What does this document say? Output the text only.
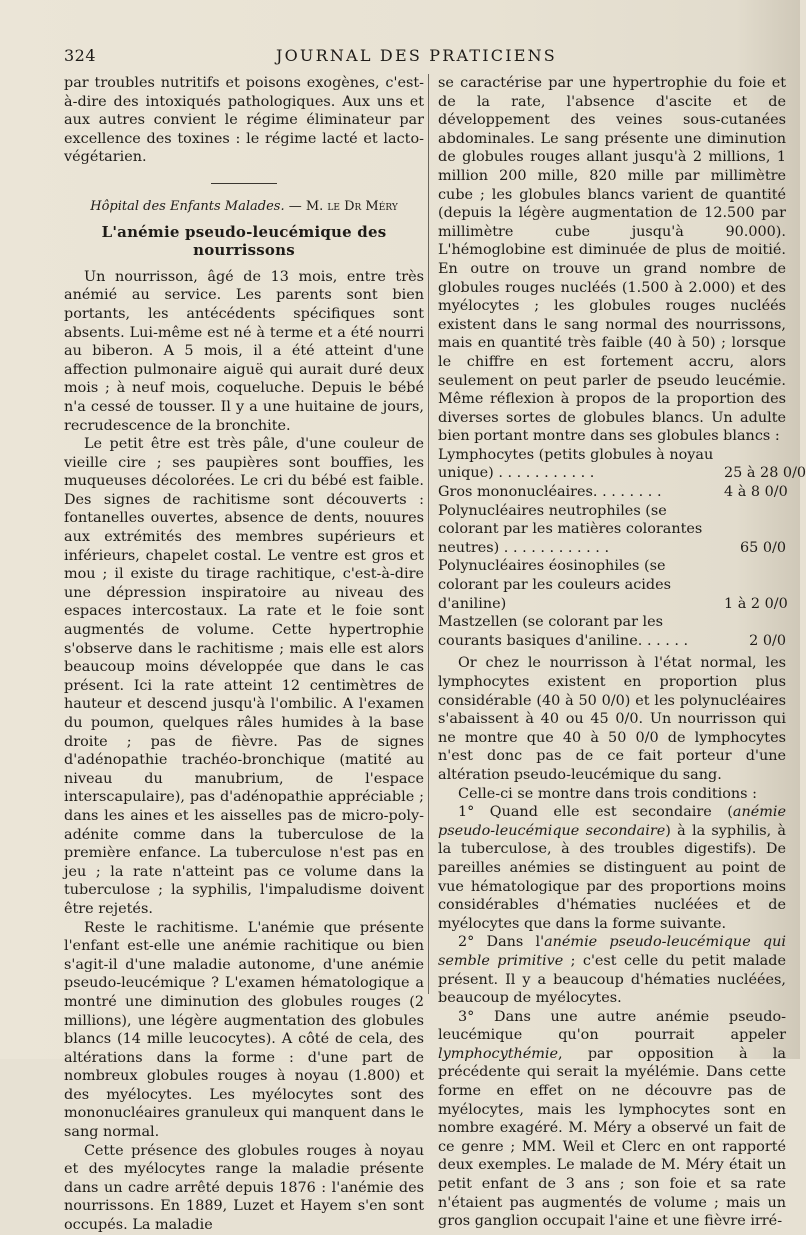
324	JOURNAL DES PRATICIENS

par troubles nutritifs et poisons exogènes, c'est-à-dire des intoxiqués pathologiques. Aux uns et aux autres convient le régime éliminateur par excellence des toxines : le régime lacté et lacto-végétarien.

Hôpital des Enfants Malades. — M. le Dr Méry
L'anémie pseudo-leucémique des nourrissons

Un nourrisson, âgé de 13 mois, entre très anémié au service. Les parents sont bien portants, les antécédents spécifiques sont absents. Lui-même est né à terme et a été nourri au biberon. A 5 mois, il a été atteint d'une affection pulmonaire aiguë qui aurait duré deux mois ; à neuf mois, coqueluche. Depuis le bébé n'a cessé de tousser. Il y a une huitaine de jours, recrudescence de la bronchite.

Le petit être est très pâle, d'une couleur de vieille cire ; ses paupières sont bouffies, les muqueuses décolorées. Le cri du bébé est faible. Des signes de rachitisme sont découverts : fontanelles ouvertes, absence de dents, nouures aux extrémités des membres supérieurs et inférieurs, chapelet costal. Le ventre est gros et mou ; il existe du tirage rachitique, c'est-à-dire une dépression inspiratoire au niveau des espaces intercostaux. La rate et le foie sont augmentés de volume. Cette hypertrophie s'observe dans le rachitisme ; mais elle est alors beaucoup moins développée que dans le cas présent. Ici la rate atteint 12 centimètres de hauteur et descend jusqu'à l'ombilic. A l'examen du poumon, quelques râles humides à la base droite ; pas de fièvre. Pas de signes d'adénopathie trachéo-bronchique (matité au niveau du manubrium, de l'espace interscapulaire), pas d'adénopathie appréciable ; dans les aines et les aisselles pas de micro-poly-adénite comme dans la tuberculose de la première enfance. La tuberculose n'est pas en jeu ; la rate n'atteint pas ce volume dans la tuberculose ; la syphilis, l'impaludisme doivent être rejetés.

Reste le rachitisme. L'anémie que présente l'enfant est-elle une anémie rachitique ou bien s'agit-il d'une maladie autonome, d'une anémie pseudo-leucémique ? L'examen hématologique a montré une diminution des globules rouges (2 millions), une légère augmentation des globules blancs (14 mille leucocytes). A côté de cela, des altérations dans la forme : d'une part de nombreux globules rouges à noyau (1.800) et des myélocytes. Les myélocytes sont des mononucléaires granuleux qui manquent dans le sang normal.

Cette présence des globules rouges à noyau et des myélocytes range la maladie présente dans un cadre arrêté depuis 1876 : l'anémie des nourrissons. En 1889, Luzet et Hayem s'en sont occupés. La maladie

se caractérise par une hypertrophie du foie et de la rate, l'absence d'ascite et de développement des veines sous-cutanées abdominales. Le sang présente une diminution de globules rouges allant jusqu'à 2 millions, 1 million 200 mille, 820 mille par millimètre cube ; les globules blancs varient de quantité (depuis la légère augmentation de 12.500 par millimètre cube jusqu'à 90.000). L'hémoglobine est diminuée de plus de moitié. En outre on trouve un grand nombre de globules rouges nucléés (1.500 à 2.000) et des myélocytes ; les globules rouges nucléés existent dans le sang normal des nourrissons, mais en quantité très faible (40 à 50) ; lorsque le chiffre en est fortement accru, alors seulement on peut parler de pseudo leucémie. Même réflexion à propos de la proportion des diverses sortes de globules blancs. Un adulte bien portant montre dans ses globules blancs :

Lymphocytes (petits globules à noyau unique) . . . . . . . . . . .	25 à 28 0/0
Gros mononucléaires. . . . . . . .	4 à 8 0/0
Polynucléaires neutrophiles (se colorant par les matières colorantes neutres) . . . . . . . . . . . .	65 0/0
Polynucléaires éosinophiles (se colorant par les couleurs acides d'aniline)	1 à 2 0/0
Mastzellen (se colorant par les courants basiques d'aniline. . . . . .	2 0/0

Or chez le nourrisson à l'état normal, les lymphocytes existent en proportion plus considérable (40 à 50 0/0) et les polynucléaires s'abaissent à 40 ou 45 0/0. Un nourrisson qui ne montre que 40 à 50 0/0 de lymphocytes n'est donc pas de ce fait porteur d'une altération pseudo-leucémique du sang.

Celle-ci se montre dans trois conditions :

1° Quand elle est secondaire (anémie pseudo-leucémique secondaire) à la syphilis, à la tuberculose, à des troubles digestifs). De pareilles anémies se distinguent au point de vue hématologique par des proportions moins considérables d'hématies nucléées et de myélocytes que dans la forme suivante.

2° Dans l'anémie pseudo-leucémique qui semble primitive ; c'est celle du petit malade présent. Il y a beaucoup d'hématies nucléées, beaucoup de myélocytes.

3° Dans une autre anémie pseudo-leucémique qu'on pourrait appeler lymphocythémie, par opposition à la précédente qui serait la myélémie. Dans cette forme en effet on ne découvre pas de myélocytes, mais les lymphocytes sont en nombre exagéré. M. Méry a observé un fait de ce genre ; MM. Weil et Clerc en ont rapporté deux exemples. Le malade de M. Méry était un petit enfant de 3 ans ; son foie et sa rate n'étaient pas augmentés de volume ; mais un gros ganglion occupait l'aine et une fièvre irré-
